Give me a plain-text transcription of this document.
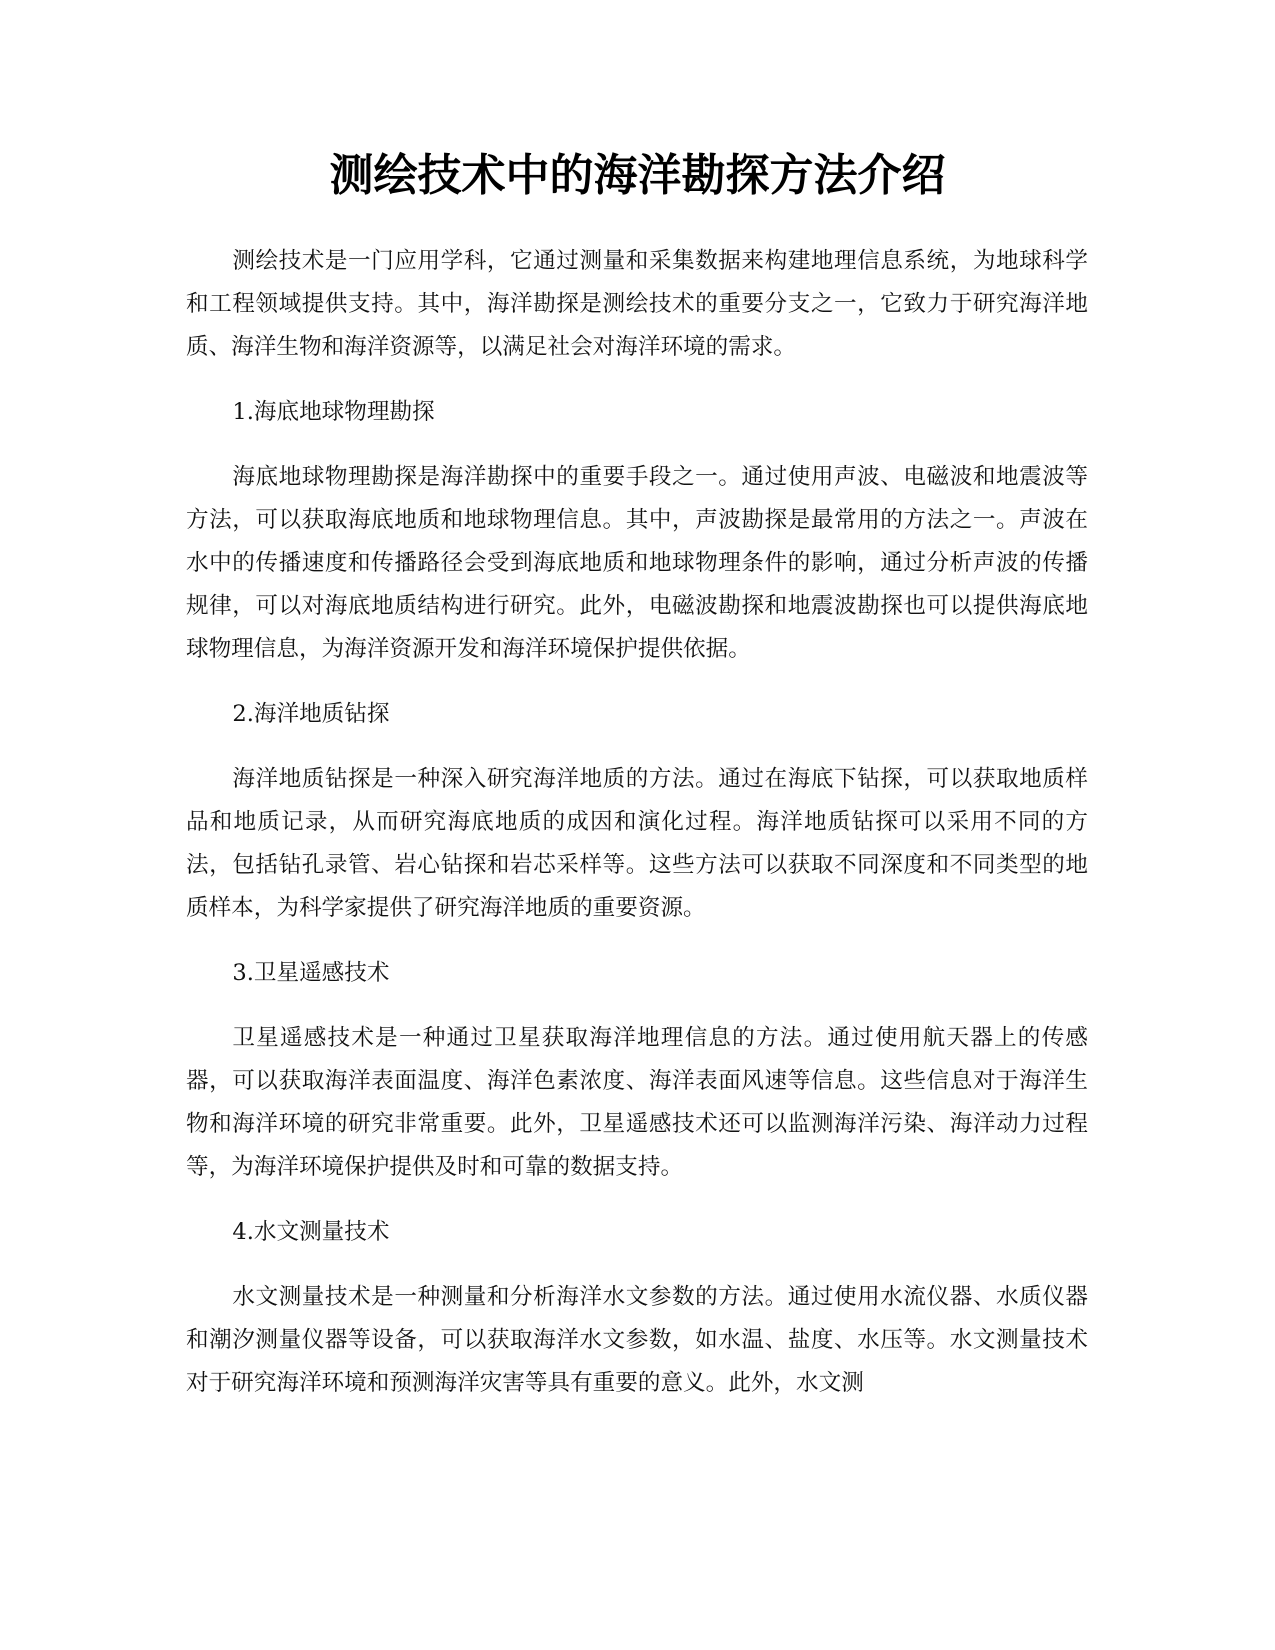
测绘技术中的海洋勘探方法介绍

测绘技术是一门应用学科，它通过测量和采集数据来构建地理信息系统，为地球科学和工程领域提供支持。其中，海洋勘探是测绘技术的重要分支之一，它致力于研究海洋地质、海洋生物和海洋资源等，以满足社会对海洋环境的需求。

1.海底地球物理勘探

海底地球物理勘探是海洋勘探中的重要手段之一。通过使用声波、电磁波和地震波等方法，可以获取海底地质和地球物理信息。其中，声波勘探是最常用的方法之一。声波在水中的传播速度和传播路径会受到海底地质和地球物理条件的影响，通过分析声波的传播规律，可以对海底地质结构进行研究。此外，电磁波勘探和地震波勘探也可以提供海底地球物理信息，为海洋资源开发和海洋环境保护提供依据。

2.海洋地质钻探

海洋地质钻探是一种深入研究海洋地质的方法。通过在海底下钻探，可以获取地质样品和地质记录，从而研究海底地质的成因和演化过程。海洋地质钻探可以采用不同的方法，包括钻孔录管、岩心钻探和岩芯采样等。这些方法可以获取不同深度和不同类型的地质样本，为科学家提供了研究海洋地质的重要资源。

3.卫星遥感技术

卫星遥感技术是一种通过卫星获取海洋地理信息的方法。通过使用航天器上的传感器，可以获取海洋表面温度、海洋色素浓度、海洋表面风速等信息。这些信息对于海洋生物和海洋环境的研究非常重要。此外，卫星遥感技术还可以监测海洋污染、海洋动力过程等，为海洋环境保护提供及时和可靠的数据支持。

4.水文测量技术

水文测量技术是一种测量和分析海洋水文参数的方法。通过使用水流仪器、水质仪器和潮汐测量仪器等设备，可以获取海洋水文参数，如水温、盐度、水压等。水文测量技术对于研究海洋环境和预测海洋灾害等具有重要的意义。此外，水文测
